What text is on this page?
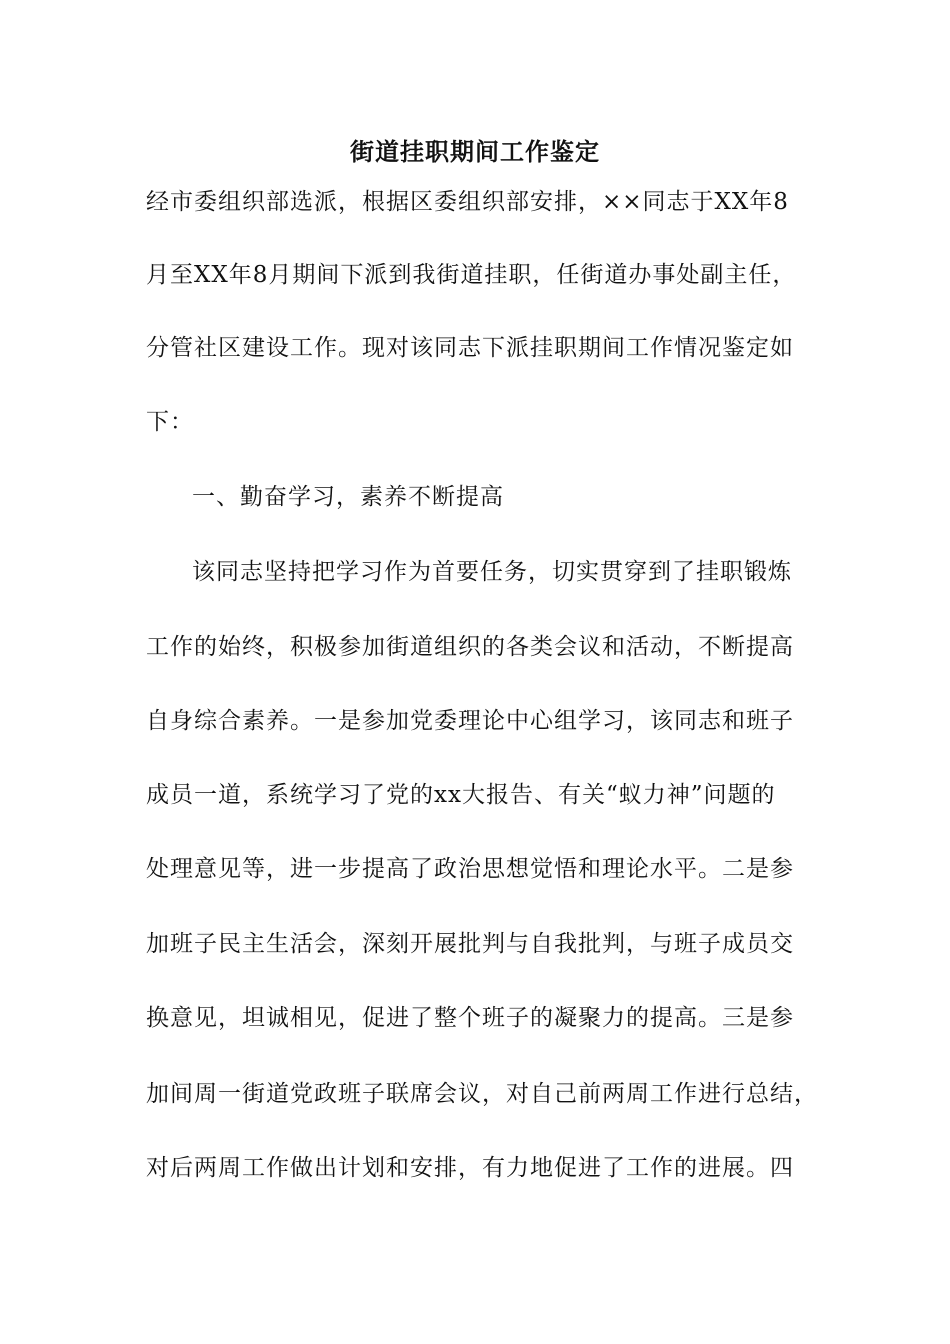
街道挂职期间工作鉴定
经市委组织部选派，根据区委组织部安排，××同志于XX年8
月至XX年8月期间下派到我街道挂职，任街道办事处副主任，
分管社区建设工作。现对该同志下派挂职期间工作情况鉴定如
下：
一、勤奋学习，素养不断提高
该同志坚持把学习作为首要任务，切实贯穿到了挂职锻炼
工作的始终，积极参加街道组织的各类会议和活动，不断提高
自身综合素养。一是参加党委理论中心组学习，该同志和班子
成员一道，系统学习了党的xx大报告、有关“蚁力神”问题的
处理意见等，进一步提高了政治思想觉悟和理论水平。二是参
加班子民主生活会，深刻开展批判与自我批判，与班子成员交
换意见，坦诚相见，促进了整个班子的凝聚力的提高。三是参
加间周一街道党政班子联席会议，对自己前两周工作进行总结，
对后两周工作做出计划和安排，有力地促进了工作的进展。四
